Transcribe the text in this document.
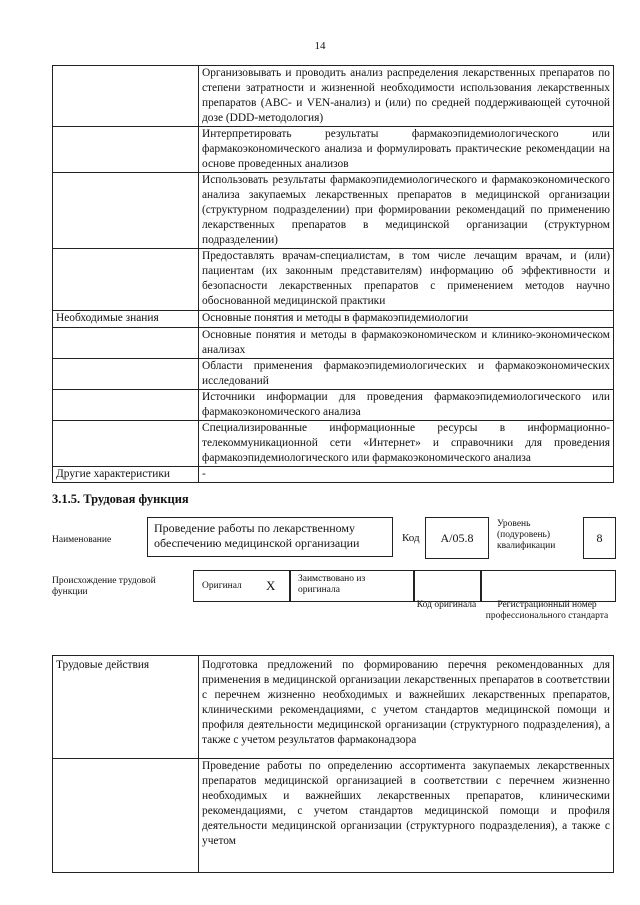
14
	Организовывать и проводить анализ распределения лекарственных препаратов по степени затратности и жизненной необходимости использования лекарственных препаратов (ABC- и VEN-анализ) и (или) по средней поддерживающей суточной дозе (DDD-методология)
	Интерпретировать результаты фармакоэпидемиологического или фармакоэкономического анализа и формулировать практические рекомендации на основе проведенных анализов
	Использовать результаты фармакоэпидемиологического и фармакоэкономического анализа закупаемых лекарственных препаратов в медицинской организации (структурном подразделении) при формировании рекомендаций по применению лекарственных препаратов в медицинской организации (структурном подразделении)
	Предоставлять врачам-специалистам, в том числе лечащим врачам, и (или) пациентам (их законным представителям) информацию об эффективности и безопасности лекарственных препаратов с применением методов научно обоснованной медицинской практики
Необходимые знания	Основные понятия и методы в фармакоэпидемиологии
	Основные понятия и методы в фармакоэкономическом и клинико-экономическом анализах
	Области применения фармакоэпидемиологических и фармакоэкономических исследований
	Источники информации для проведения фармакоэпидемиологического или фармакоэкономического анализа
	Специализированные информационные ресурсы в информационно-телекоммуникационной сети «Интернет» и справочники для проведения фармакоэпидемиологического или фармакоэкономического анализа
Другие характеристики	-
3.1.5. Трудовая функция
Наименование
Проведение работы по лекарственному обеспечению медицинской организации	Код	А/05.8
Уровень (подуровень) квалификации
8
Происхождение трудовой функции
Оригинал X Заимствовано из оригинала
Код оригинала	Регистрационный номер профессионального стандарта
Трудовые действия	Подготовка предложений по формированию перечня рекомендованных для применения в медицинской организации лекарственных препаратов в соответствии с перечнем жизненно необходимых и важнейших лекарственных препаратов, клиническими рекомендациями, с учетом стандартов медицинской помощи и профиля деятельности медицинской организации (структурного подразделения), а также с учетом результатов фармаконадзора
	Проведение работы по определению ассортимента закупаемых лекарственных препаратов медицинской организацией в соответствии с перечнем жизненно необходимых и важнейших лекарственных препаратов, клиническими рекомендациями, с учетом стандартов медицинской помощи и профиля деятельности медицинской организации (структурного подразделения), а также с учетом
